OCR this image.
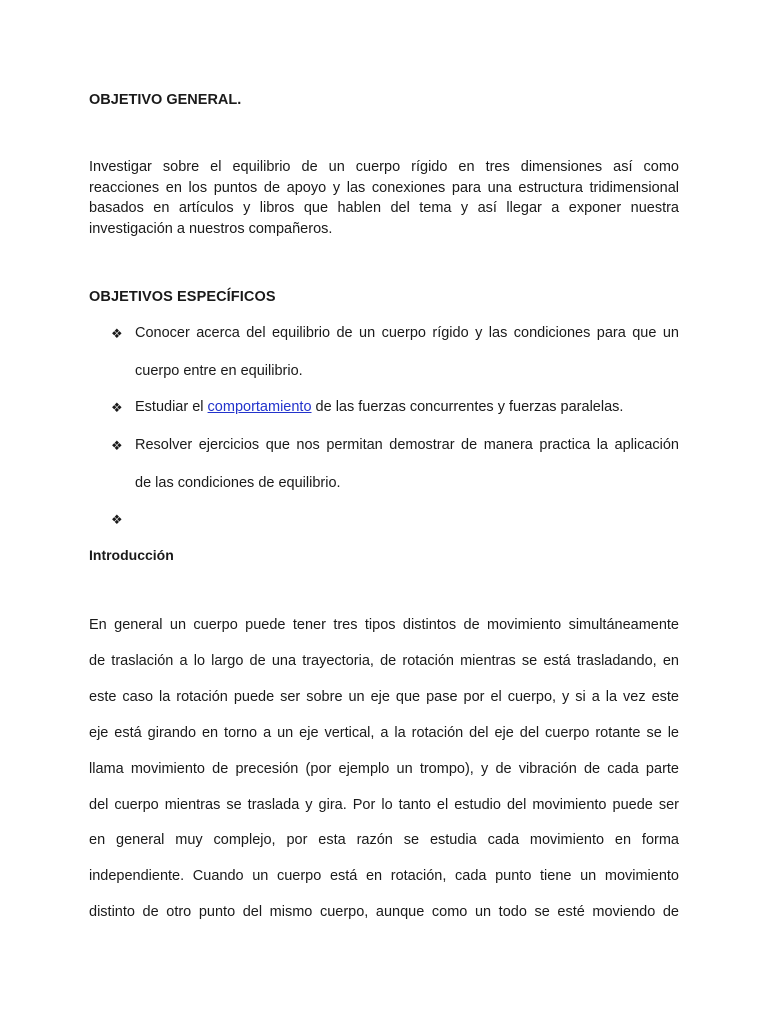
OBJETIVO GENERAL.
Investigar sobre el equilibrio de un cuerpo rígido en tres dimensiones así como
reacciones en los puntos de apoyo y las conexiones para una estructura tridimensional
basados en artículos y libros que hablen del tema y así llegar a exponer nuestra
investigación a nuestros compañeros.
OBJETIVOS ESPECÍFICOS
❖ Conocer acerca del equilibrio de un cuerpo rígido y las condiciones para que un
cuerpo entre en equilibrio.
❖ Estudiar el comportamiento de las fuerzas concurrentes y fuerzas paralelas.
❖ Resolver ejercicios que nos permitan demostrar de manera practica la aplicación
de las condiciones de equilibrio.
❖
Introducción
En general un cuerpo puede tener tres tipos distintos de movimiento simultáneamente
de traslación a lo largo de una trayectoria, de rotación mientras se está trasladando, en
este caso la rotación puede ser sobre un eje que pase por el cuerpo, y si a la vez este
eje está girando en torno a un eje vertical, a la rotación del eje del cuerpo rotante se le
llama movimiento de precesión (por ejemplo un trompo), y de vibración de cada parte
del cuerpo mientras se traslada y gira. Por lo tanto el estudio del movimiento puede ser
en general muy complejo, por esta razón se estudia cada movimiento en forma
independiente. Cuando un cuerpo está en rotación, cada punto tiene un movimiento
distinto de otro punto del mismo cuerpo, aunque como un todo se esté moviendo de
